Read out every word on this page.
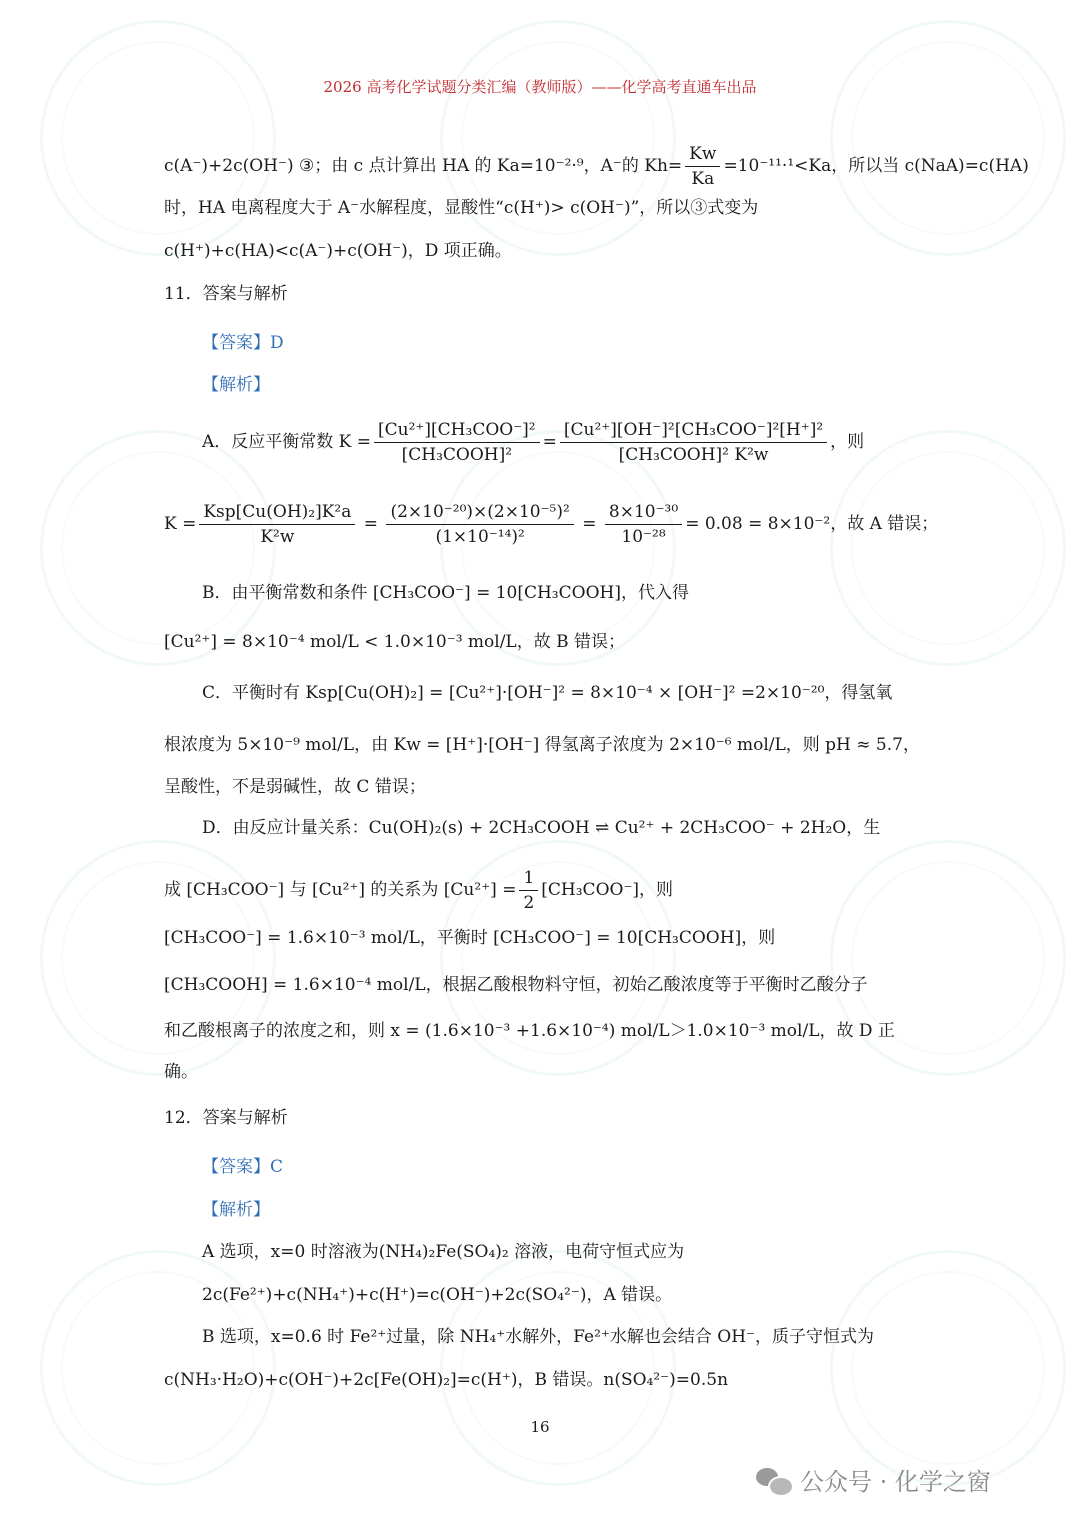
2026 高考化学试题分类汇编（教师版）——化学高考直通车出品
c(A⁻)+2c(OH⁻) ③；由 c 点计算出 HA 的 Ka=10⁻²·⁹，A⁻的 $Kh= \frac{Kw}{Ka} =10^{-11}\cdot^1<Ka$，所以当 c(NaA)=c(HA)
时，HA 电离程度大于 A⁻水解程度，显酸性“c(H⁺)> c(OH⁻)”，所以③式变为
c(H⁺)+c(HA)<c(A⁻)+c(OH⁻)，D 项正确。
11．答案与解析
【答案】D
【解析】
A．反应平衡常数 $K = \frac{\text{[Cu²⁺][CH₃COO⁻]²}}{\text{[CH₃COOH]²}} = \frac{\text{[Cu²⁺][OH⁻]²[CH₃COO⁻]²[H⁺]²}}{\text{[CH₃COOH]² K²w}}$ ，则
$K = \frac{\text{Ksp[Cu(OH)₂]K²a}}{\text{K²w}} = \frac{\text{(2×10⁻²⁰)×(2×10⁻⁵)²}}{\text{(1×10⁻¹⁴)²}} = \frac{\text{8×10⁻³⁰}}{\text{10⁻²⁸}} = 0.08 = 8\times 10^{-2}$，故 A 错误；
B．由平衡常数和条件 [CH₃COO⁻] = 10[CH₃COOH]，代入得
[Cu²⁺] = 8×10⁻⁴ mol/L < 1.0×10⁻³ mol/L，故 B 错误；
C．平衡时有 Ksp[Cu(OH)₂] = [Cu²⁺]·[OH⁻]² = 8×10⁻⁴ × [OH⁻]² =2×10⁻²⁰，得氢氧
根浓度为 5×10⁻⁹ mol/L，由 Kw = [H⁺]·[OH⁻] 得氢离子浓度为 2×10⁻⁶ mol/L，则 pH ≈ 5.7，
呈酸性，不是弱碱性，故 C 错误；
D．由反应计量关系：Cu(OH)₂(s) + 2CH₃COOH ⇌ Cu²⁺ + 2CH₃COO⁻ + 2H₂O，生
成 [CH₃COO⁻] 与 [Cu²⁺] 的关系为 $[Cu^{2+}] = \frac{1}{2} [CH_3COO^-]$，则
[CH₃COO⁻] = 1.6×10⁻³ mol/L，平衡时 [CH₃COO⁻] = 10[CH₃COOH]，则
[CH₃COOH] = 1.6×10⁻⁴ mol/L，根据乙酸根物料守恒，初始乙酸浓度等于平衡时乙酸分子
和乙酸根离子的浓度之和，则 x = (1.6×10⁻³ +1.6×10⁻⁴) mol/L＞1.0×10⁻³ mol/L，故 D 正
确。
12．答案与解析
【答案】C
【解析】
A 选项，x=0 时溶液为(NH₄)₂Fe(SO₄)₂ 溶液，电荷守恒式应为
2c(Fe²⁺)+c(NH₄⁺)+c(H⁺)=c(OH⁻)+2c(SO₄²⁻)，A 错误。
B 选项，x=0.6 时 Fe²⁺过量，除 NH₄⁺水解外，Fe²⁺水解也会结合 OH⁻，质子守恒式为
c(NH₃·H₂O)+c(OH⁻)+2c[Fe(OH)₂]=c(H⁺)，B 错误。n(SO₄²⁻)=0.5n
16
公众号 · 化学之窗
